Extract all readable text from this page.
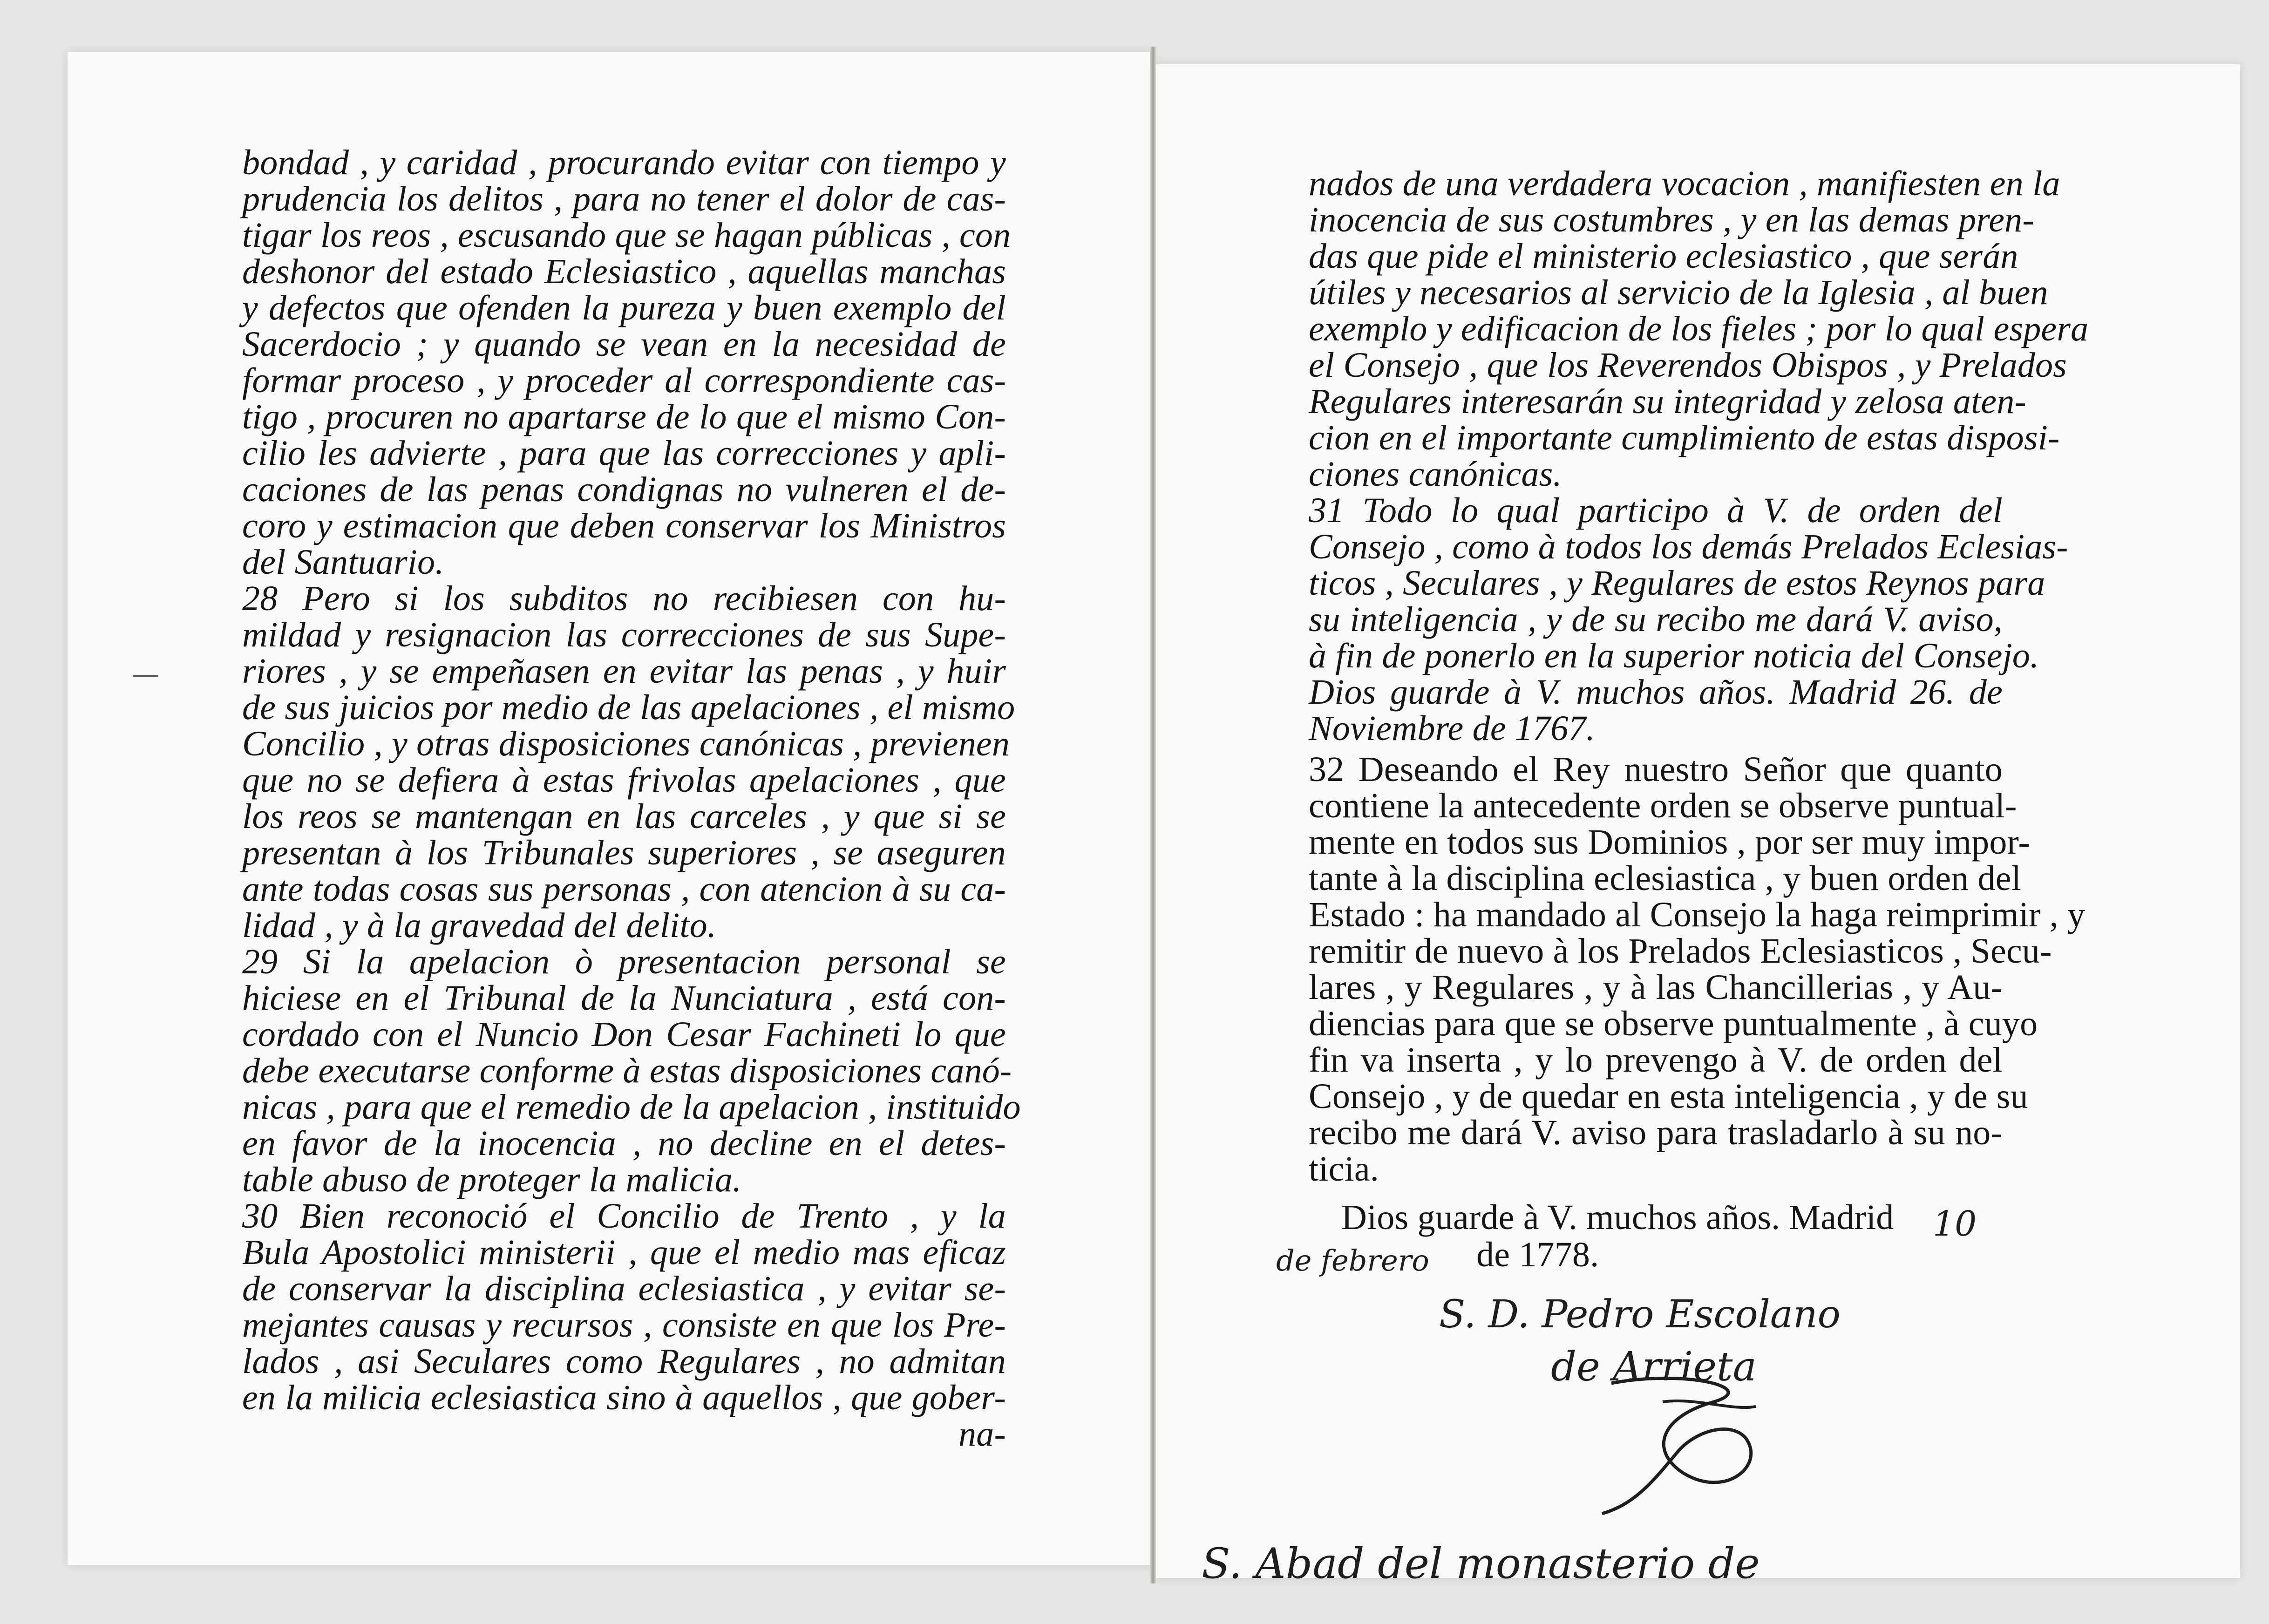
bondad , y caridad , procurando evitar con tiempo y
prudencia los delitos , para no tener el dolor de cas-
tigar los reos , escusando que se hagan públicas , con
deshonor del estado Eclesiastico , aquellas manchas
y defectos que ofenden la pureza y buen exemplo del
Sacerdocio ; y quando se vean en la necesidad de
formar proceso , y proceder al correspondiente cas-
tigo , procuren no apartarse de lo que el mismo Con-
cilio les advierte , para que las correcciones y apli-
caciones de las penas condignas no vulneren el de-
coro y estimacion que deben conservar los Ministros
del Santuario.
28 Pero si los subditos no recibiesen con hu-
mildad y resignacion las correcciones de sus Supe-
riores , y se empeñasen en evitar las penas , y huir
de sus juicios por medio de las apelaciones , el mismo
Concilio , y otras disposiciones canónicas , previenen
que no se defiera à estas frivolas apelaciones , que
los reos se mantengan en las carceles , y que si se
presentan à los Tribunales superiores , se aseguren
ante todas cosas sus personas , con atencion à su ca-
lidad , y à la gravedad del delito.
29 Si la apelacion ò presentacion personal se
hiciese en el Tribunal de la Nunciatura , está con-
cordado con el Nuncio Don Cesar Fachineti lo que
debe executarse conforme à estas disposiciones canó-
nicas , para que el remedio de la apelacion , instituido
en favor de la inocencia , no decline en el detes-
table abuso de proteger la malicia.
30 Bien reconoció el Concilio de Trento , y la
Bula Apostolici ministerii , que el medio mas eficaz
de conservar la disciplina eclesiastica , y evitar se-
mejantes causas y recursos , consiste en que los Pre-
lados , asi Seculares como Regulares , no admitan
en la milicia eclesiastica sino à aquellos , que gober-
na-
nados de una verdadera vocacion , manifiesten en la
inocencia de sus costumbres , y en las demas pren-
das que pide el ministerio eclesiastico , que serán
útiles y necesarios al servicio de la Iglesia , al buen
exemplo y edificacion de los fieles ; por lo qual espera
el Consejo , que los Reverendos Obispos , y Prelados
Regulares interesarán su integridad y zelosa aten-
cion en el importante cumplimiento de estas disposi-
ciones canónicas.
31 Todo lo qual participo à V. de orden del
Consejo , como à todos los demás Prelados Eclesias-
ticos , Seculares , y Regulares de estos Reynos para
su inteligencia , y de su recibo me dará V. aviso,
à fin de ponerlo en la superior noticia del Consejo.
Dios guarde à V. muchos años. Madrid 26. de
Noviembre de 1767.
32 Deseando el Rey nuestro Señor que quanto
contiene la antecedente orden se observe puntual-
mente en todos sus Dominios , por ser muy impor-
tante à la disciplina eclesiastica , y buen orden del
Estado : ha mandado al Consejo la haga reimprimir , y
remitir de nuevo à los Prelados Eclesiasticos , Secu-
lares , y Regulares , y à las Chancillerias , y Au-
diencias para que se observe puntualmente , à cuyo
fin va inserta , y lo prevengo à V. de orden del
Consejo , y de quedar en esta inteligencia , y de su
recibo me dará V. aviso para trasladarlo à su no-
ticia.
Dios guarde à V. muchos años. Madrid	10
de febrero de 1778.
S. D. Pedro Escolano
de Arrieta
S. Abad del monasterio de
